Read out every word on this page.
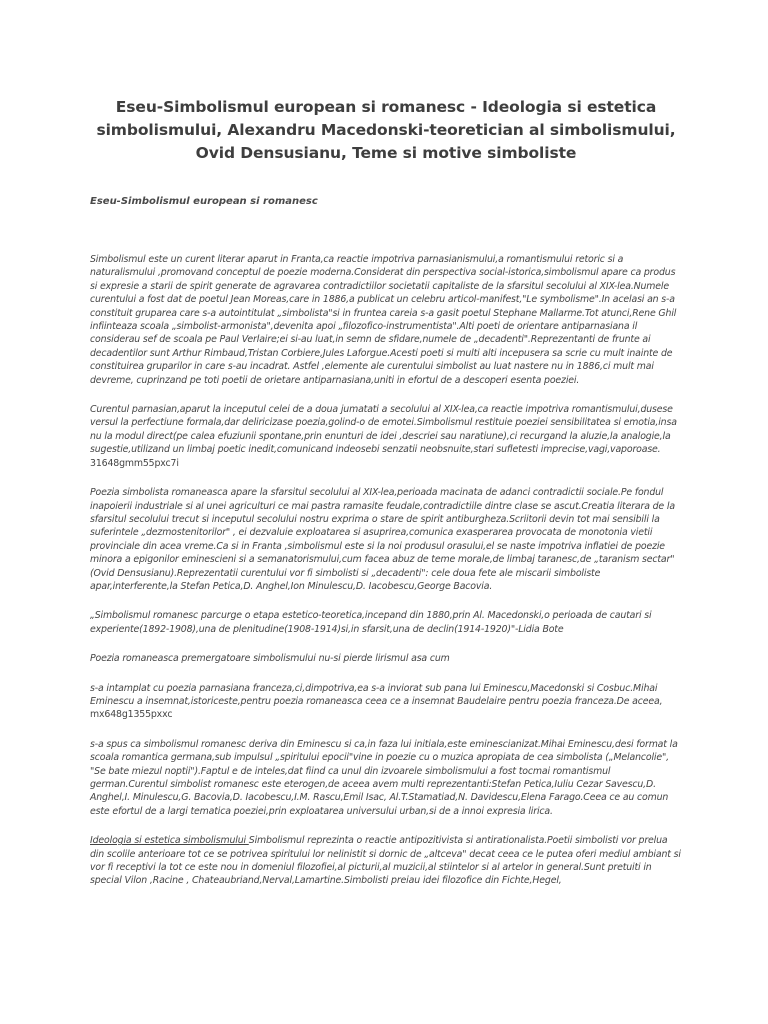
Eseu-Simbolismul european si romanesc - Ideologia si estetica simbolismului, Alexandru Macedonski-teoretician al simbolismului, Ovid Densusianu, Teme si motive simboliste

Eseu-Simbolismul european si romanesc

Simbolismul este un curent literar aparut in Franta,ca reactie impotriva parnasianismului,a romantismului retoric si a naturalismului ,promovand conceptul de poezie moderna.Considerat din perspectiva social-istorica,simbolismul apare ca produs si expresie a starii de spirit generate de agravarea contradictiilor societatii capitaliste de la sfarsitul secolului al XIX-lea.Numele curentului a fost dat de poetul Jean Moreas,care in 1886,a publicat un celebru articol-manifest,"Le symbolisme".In acelasi an s-a constituit gruparea care s-a autointitulat „simbolista"si in fruntea careia s-a gasit poetul Stephane Mallarme.Tot atunci,Rene Ghil infiinteaza scoala „simbolist-armonista",devenita apoi „filozofico-instrumentista".Alti poeti de orientare antiparnasiana il considerau sef de scoala pe Paul Verlaire;ei si-au luat,in semn de sfidare,numele de „decadenti".Reprezentanti de frunte ai decadentilor sunt Arthur Rimbaud,Tristan Corbiere,Jules Laforgue.Acesti poeti si multi alti incepusera sa scrie cu mult inainte de constituirea gruparilor in care s-au incadrat. Astfel ,elemente ale curentului simbolist au luat nastere nu in 1886,ci mult mai devreme, cuprinzand pe toti poetii de orietare antiparnasiana,uniti in efortul de a descoperi esenta poeziei.

Curentul parnasian,aparut la inceputul celei de a doua jumatati a secolului al XIX-lea,ca reactie impotriva romantismului,dusese versul la perfectiune formala,dar deliricizase poezia,golind-o de emotei.Simbolismul restituie poeziei sensibilitatea si emotia,insa nu la modul direct(pe calea efuziunii spontane,prin enunturi de idei ,descriei sau naratiune),ci recurgand la aluzie,la analogie,la sugestie,utilizand un limbaj poetic inedit,comunicand indeosebi senzatii neobsnuite,stari sufletesti imprecise,vagi,vaporoase. 31648gmm55pxc7i

Poezia simbolista romaneasca apare la sfarsitul secolului al XIX-lea,perioada macinata de adanci contradictii sociale.Pe fondul inapoierii industriale si al unei agriculturi ce mai pastra ramasite feudale,contradictiile dintre clase se ascut.Creatia literara de la sfarsitul secolului trecut si inceputul secolului nostru exprima o stare de spirit antiburgheza.Scriitorii devin tot mai sensibili la suferintele „dezmostenitorilor" , ei dezvaluie exploatarea si asuprirea,comunica exasperarea provocata de monotonia vietii provinciale din acea vreme.Ca si in Franta ,simbolismul este si la noi produsul orasului,el se naste impotriva inflatiei de poezie minora a epigonilor eminescieni si a semanatorismului,cum facea abuz de teme morale,de limbaj taranesc,de „taranism sectar"(Ovid Densusianu).Reprezentatii curentului vor fi simbolisti si „decadenti": cele doua fete ale miscarii simboliste apar,interferente,la Stefan Petica,D. Anghel,Ion Minulescu,D. Iacobescu,George Bacovia.

„Simbolismul romanesc parcurge o etapa estetico-teoretica,incepand din 1880,prin Al. Macedonski,o perioada de cautari si experiente(1892-1908),una de plenitudine(1908-1914)si,in sfarsit,una de declin(1914-1920)"-Lidia Bote

Poezia romaneasca premergatoare simbolismului nu-si pierde lirismul asa cum

s-a intamplat cu poezia parnasiana franceza,ci,dimpotriva,ea s-a inviorat sub pana lui Eminescu,Macedonski si Cosbuc.Mihai Eminescu a insemnat,istoriceste,pentru poezia romaneasca ceea ce a insemnat Baudelaire pentru poezia franceza.De aceea, mx648g1355pxxc

s-a spus ca simbolismul romanesc deriva din Eminescu si ca,in faza lui initiala,este eminescianizat.Mihai Eminescu,desi format la scoala romantica germana,sub impulsul „spiritului epocii"vine in poezie cu o muzica apropiata de cea simbolista („Melancolie", "Se bate miezul noptii").Faptul e de inteles,dat fiind ca unul din izvoarele simbolismului a fost tocmai romantismul german.Curentul simbolist romanesc este eterogen,de aceea avem multi reprezentanti:Stefan Petica,Iuliu Cezar Savescu,D. Anghel,I. Minulescu,G. Bacovia,D. Iacobescu,I.M. Rascu,Emil Isac, Al.T.Stamatiad,N. Davidescu,Elena Farago.Ceea ce au comun este efortul de a largi tematica poeziei,prin exploatarea universului urban,si de a innoi expresia lirica.

Ideologia si estetica simbolismului Simbolismul reprezinta o reactie antipozitivista si antirationalista.Poetii simbolisti vor prelua din scolile anterioare tot ce se potrivea spiritului lor nelinistit si dornic de „altceva" decat ceea ce le putea oferi mediul ambiant si vor fi receptivi la tot ce este nou in domeniul filozofiei,al picturii,al muzicii,al stiintelor si al artelor in general.Sunt pretuiti in special Vilon ,Racine , Chateaubriand,Nerval,Lamartine.Simbolisti preiau idei filozofice din Fichte,Hegel,
